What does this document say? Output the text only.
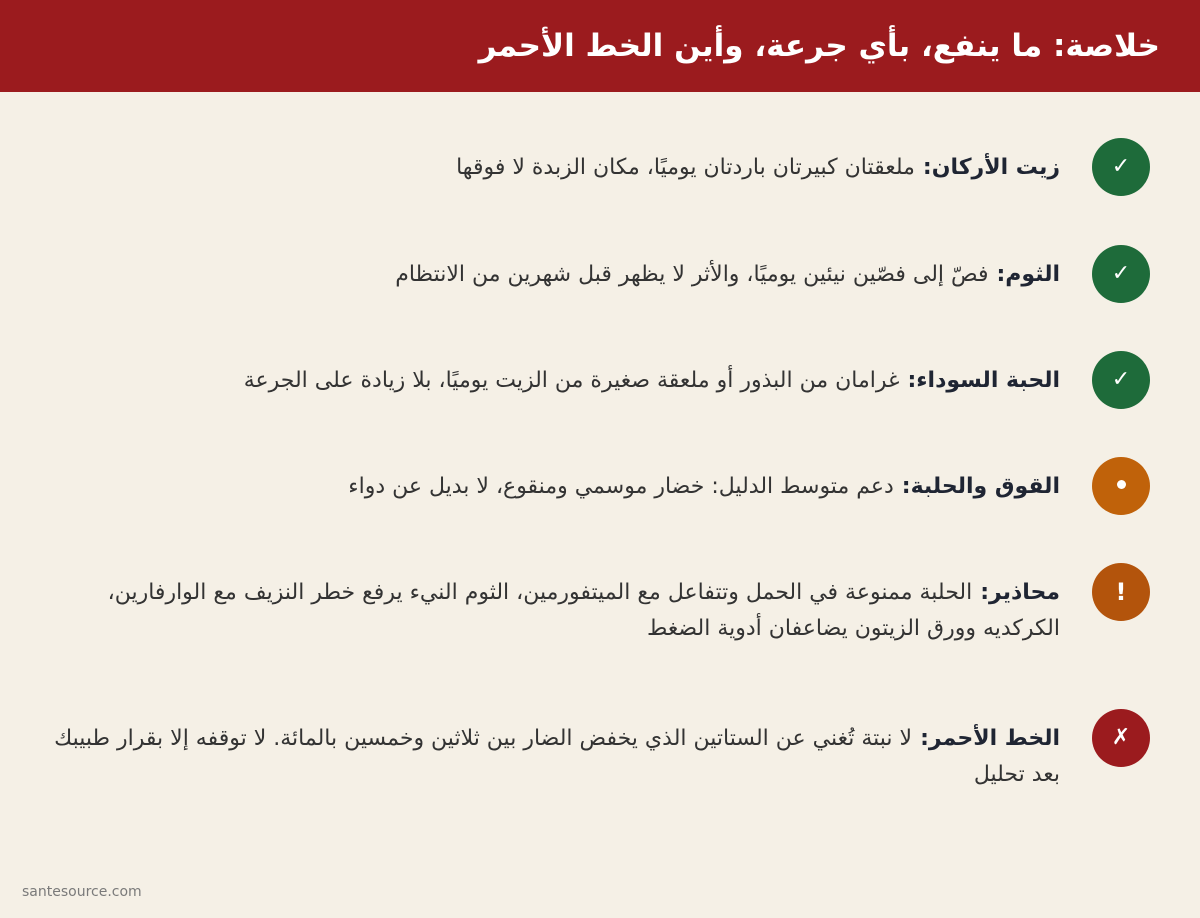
خلاصة: ما ينفع، بأي جرعة، وأين الخط الأحمر
✓
زيت الأركان:ملعقتان كبيرتان باردتان يوميًا، مكان الزبدة لا فوقها
✓
الثوم:فصّ إلى فصّين نيئين يوميًا، والأثر لا يظهر قبل شهرين من الانتظام
✓
الحبة السوداء:غرامان من البذور أو ملعقة صغيرة من الزيت يوميًا، بلا زيادة على الجرعة
القوق والحلبة:دعم متوسط الدليل: خضار موسمي ومنقوع، لا بديل عن دواء
!
محاذير:الحلبة ممنوعة في الحمل وتتفاعل مع الميتفورمين، الثوم النيء يرفع خطر النزيف مع الوارفارين، الكركديه وورق الزيتون يضاعفان أدوية الضغط
✗
الخط الأحمر:لا نبتة تُغني عن الستاتين الذي يخفض الضار بين ثلاثين وخمسين بالمائة. لا توقفه إلا بقرار طبيبك بعد تحليل
santesource.com
